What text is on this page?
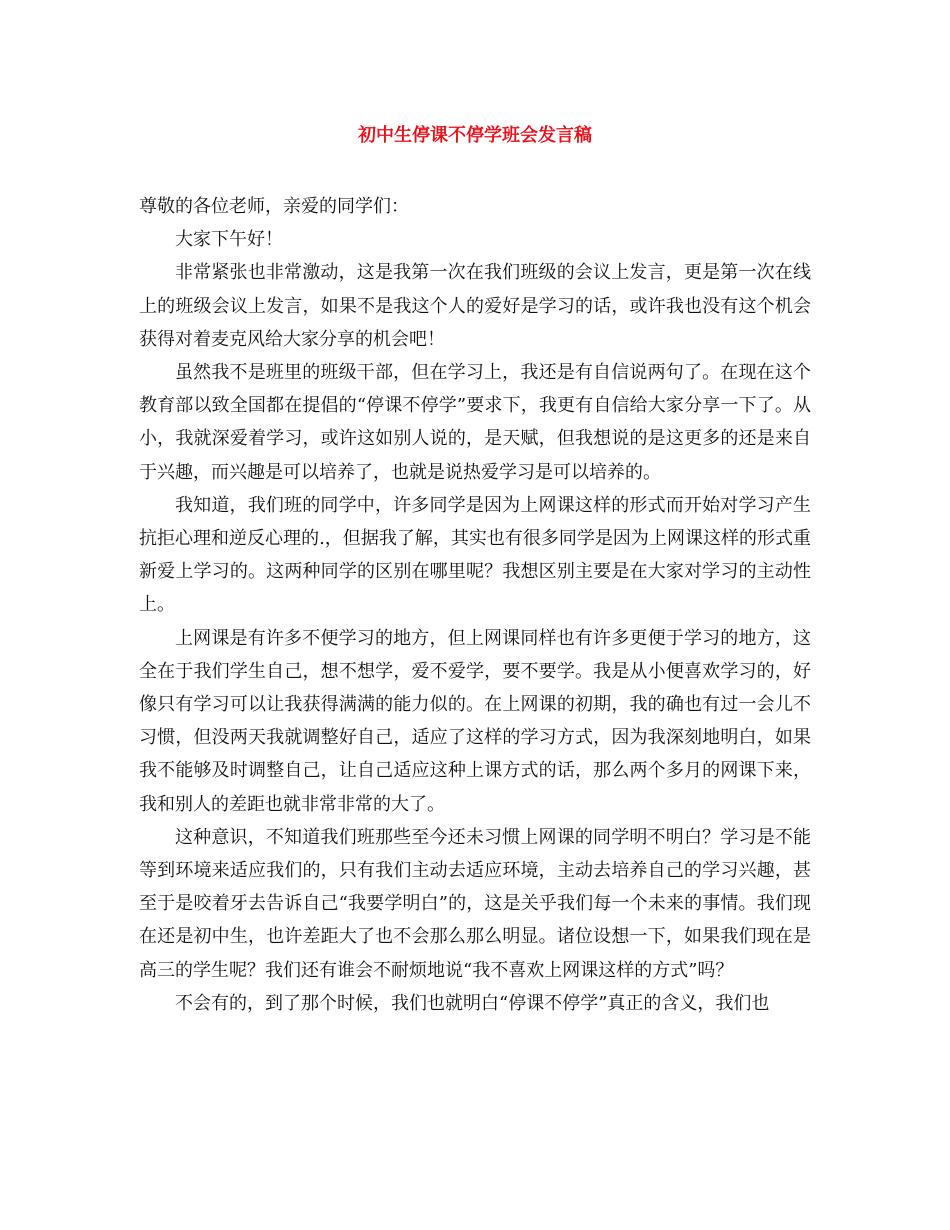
初中生停课不停学班会发言稿

尊敬的各位老师，亲爱的同学们：

大家下午好！

非常紧张也非常激动，这是我第一次在我们班级的会议上发言，更是第一次在线上的班级会议上发言，如果不是我这个人的爱好是学习的话，或许我也没有这个机会获得对着麦克风给大家分享的机会吧！

虽然我不是班里的班级干部，但在学习上，我还是有自信说两句了。在现在这个教育部以致全国都在提倡的“停课不停学”要求下，我更有自信给大家分享一下了。从小，我就深爱着学习，或许这如别人说的，是天赋，但我想说的是这更多的还是来自于兴趣，而兴趣是可以培养了，也就是说热爱学习是可以培养的。

我知道，我们班的同学中，许多同学是因为上网课这样的形式而开始对学习产生抗拒心理和逆反心理的.，但据我了解，其实也有很多同学是因为上网课这样的形式重新爱上学习的。这两种同学的区别在哪里呢？我想区别主要是在大家对学习的主动性上。

上网课是有许多不便学习的地方，但上网课同样也有许多更便于学习的地方，这全在于我们学生自己，想不想学，爱不爱学，要不要学。我是从小便喜欢学习的，好像只有学习可以让我获得满满的能力似的。在上网课的初期，我的确也有过一会儿不习惯，但没两天我就调整好自己，适应了这样的学习方式，因为我深刻地明白，如果我不能够及时调整自己，让自己适应这种上课方式的话，那么两个多月的网课下来，我和别人的差距也就非常非常的大了。

这种意识，不知道我们班那些至今还未习惯上网课的同学明不明白？学习是不能等到环境来适应我们的，只有我们主动去适应环境，主动去培养自己的学习兴趣，甚至于是咬着牙去告诉自己“我要学明白”的，这是关乎我们每一个未来的事情。我们现在还是初中生，也许差距大了也不会那么那么明显。诸位设想一下，如果我们现在是高三的学生呢？我们还有谁会不耐烦地说“我不喜欢上网课这样的方式”吗？

不会有的，到了那个时候，我们也就明白“停课不停学”真正的含义，我们也
